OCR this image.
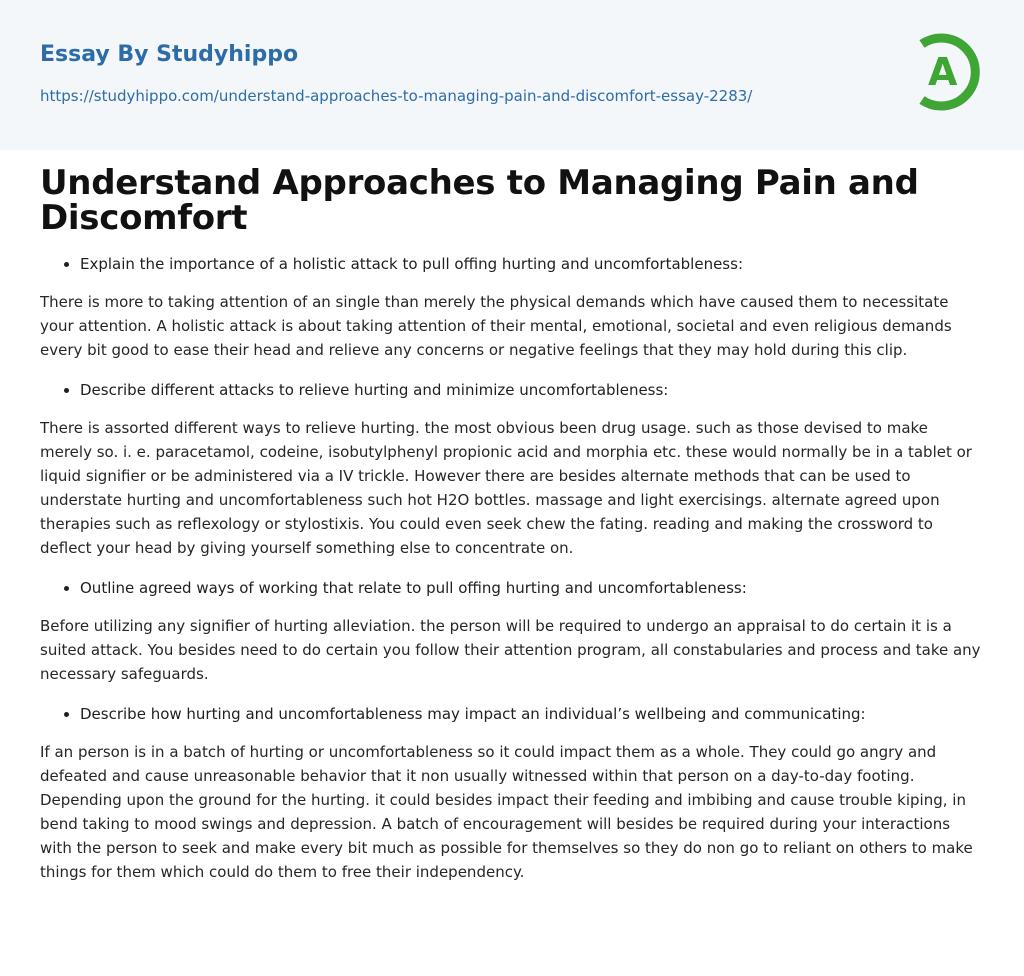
Essay By Studyhippo
https://studyhippo.com/understand-approaches-to-managing-pain-and-discomfort-essay-2283/
A
Understand Approaches to Managing Pain and Discomfort
• Explain the importance of a holistic attack to pull offing hurting and uncomfortableness:

There is more to taking attention of an single than merely the physical demands which have caused them to necessitate your attention. A holistic attack is about taking attention of their mental, emotional, societal and even religious demands every bit good to ease their head and relieve any concerns or negative feelings that they may hold during this clip.

• Describe different attacks to relieve hurting and minimize uncomfortableness:

There is assorted different ways to relieve hurting. the most obvious been drug usage. such as those devised to make merely so. i. e. paracetamol, codeine, isobutylphenyl propionic acid and morphia etc. these would normally be in a tablet or liquid signifier or be administered via a IV trickle. However there are besides alternate methods that can be used to understate hurting and uncomfortableness such hot H2O bottles. massage and light exercisings. alternate agreed upon therapies such as reflexology or stylostixis. You could even seek chew the fating. reading and making the crossword to deflect your head by giving yourself something else to concentrate on.

• Outline agreed ways of working that relate to pull offing hurting and uncomfortableness:

Before utilizing any signifier of hurting alleviation. the person will be required to undergo an appraisal to do certain it is a suited attack. You besides need to do certain you follow their attention program, all constabularies and process and take any necessary safeguards.

• Describe how hurting and uncomfortableness may impact an individual’s wellbeing and communicating:

If an person is in a batch of hurting or uncomfortableness so it could impact them as a whole. They could go angry and defeated and cause unreasonable behavior that it non usually witnessed within that person on a day-to-day footing. Depending upon the ground for the hurting. it could besides impact their feeding and imbibing and cause trouble kiping, in bend taking to mood swings and depression. A batch of encouragement will besides be required during your interactions with the person to seek and make every bit much as possible for themselves so they do non go to reliant on others to make things for them which could do them to free their independency.
